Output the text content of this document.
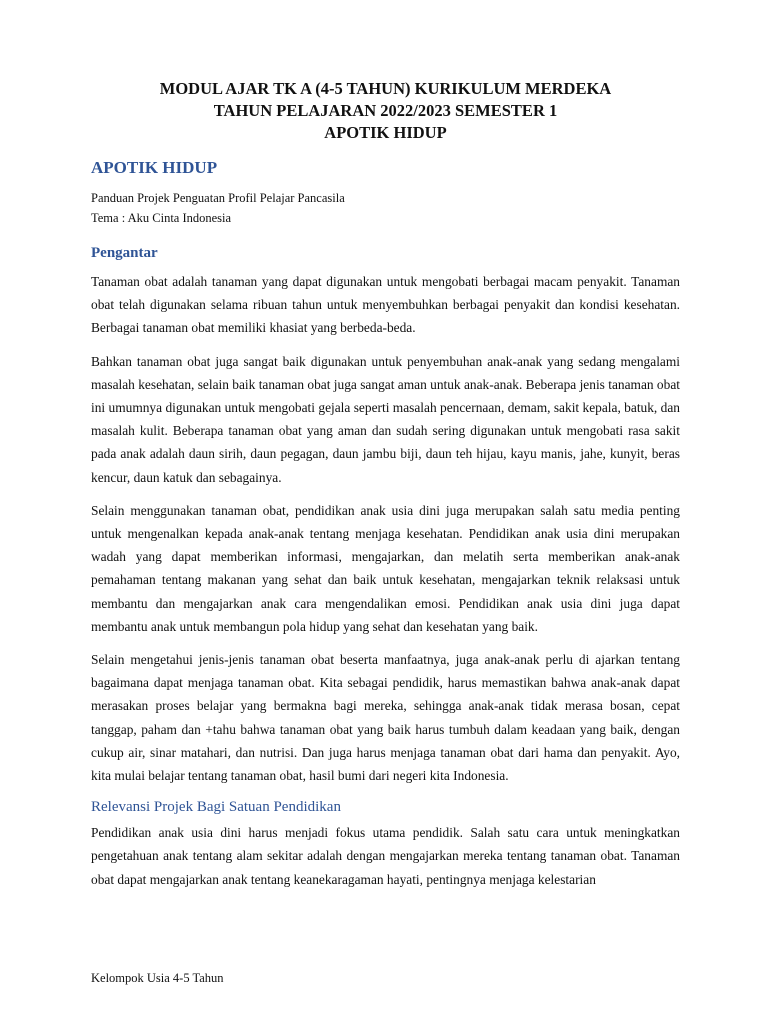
MODUL AJAR TK A (4-5 TAHUN) KURIKULUM MERDEKA
TAHUN PELAJARAN 2022/2023 SEMESTER 1
APOTIK HIDUP
APOTIK HIDUP
Panduan Projek Penguatan Profil Pelajar Pancasila
Tema : Aku Cinta Indonesia
Pengantar

Tanaman obat adalah tanaman yang dapat digunakan untuk mengobati berbagai macam penyakit. Tanaman obat telah digunakan selama ribuan tahun untuk menyembuhkan berbagai penyakit dan kondisi kesehatan. Berbagai tanaman obat memiliki khasiat yang berbeda-beda.

Bahkan tanaman obat juga sangat baik digunakan untuk penyembuhan anak-anak yang sedang mengalami masalah kesehatan, selain baik tanaman obat juga sangat aman untuk anak-anak. Beberapa jenis tanaman obat ini umumnya digunakan untuk mengobati gejala seperti masalah pencernaan, demam, sakit kepala, batuk, dan masalah kulit. Beberapa tanaman obat yang aman dan sudah sering digunakan untuk mengobati rasa sakit pada anak adalah daun sirih, daun pegagan, daun jambu biji, daun teh hijau, kayu manis, jahe, kunyit, beras kencur, daun katuk dan sebagainya.

Selain menggunakan tanaman obat, pendidikan anak usia dini juga merupakan salah satu media penting untuk mengenalkan kepada anak-anak tentang menjaga kesehatan. Pendidikan anak usia dini merupakan wadah yang dapat memberikan informasi, mengajarkan, dan melatih serta memberikan anak-anak pemahaman tentang makanan yang sehat dan baik untuk kesehatan, mengajarkan teknik relaksasi untuk membantu dan mengajarkan anak cara mengendalikan emosi. Pendidikan anak usia dini juga dapat membantu anak untuk membangun pola hidup yang sehat dan kesehatan yang baik.

Selain mengetahui jenis-jenis tanaman obat beserta manfaatnya, juga anak-anak perlu di ajarkan tentang bagaimana dapat menjaga tanaman obat. Kita sebagai pendidik, harus memastikan bahwa anak-anak dapat merasakan proses belajar yang bermakna bagi mereka, sehingga anak-anak tidak merasa bosan, cepat tanggap, paham dan +tahu bahwa tanaman obat yang baik harus tumbuh dalam keadaan yang baik, dengan cukup air, sinar matahari, dan nutrisi. Dan juga harus menjaga tanaman obat dari hama dan penyakit. Ayo, kita mulai belajar tentang tanaman obat, hasil bumi dari negeri kita Indonesia.

Relevansi Projek Bagi Satuan Pendidikan

Pendidikan anak usia dini harus menjadi fokus utama pendidik. Salah satu cara untuk meningkatkan pengetahuan anak tentang alam sekitar adalah dengan mengajarkan mereka tentang tanaman obat. Tanaman obat dapat mengajarkan anak tentang keanekaragaman hayati, pentingnya menjaga kelestarian

Kelompok Usia 4-5 Tahun
